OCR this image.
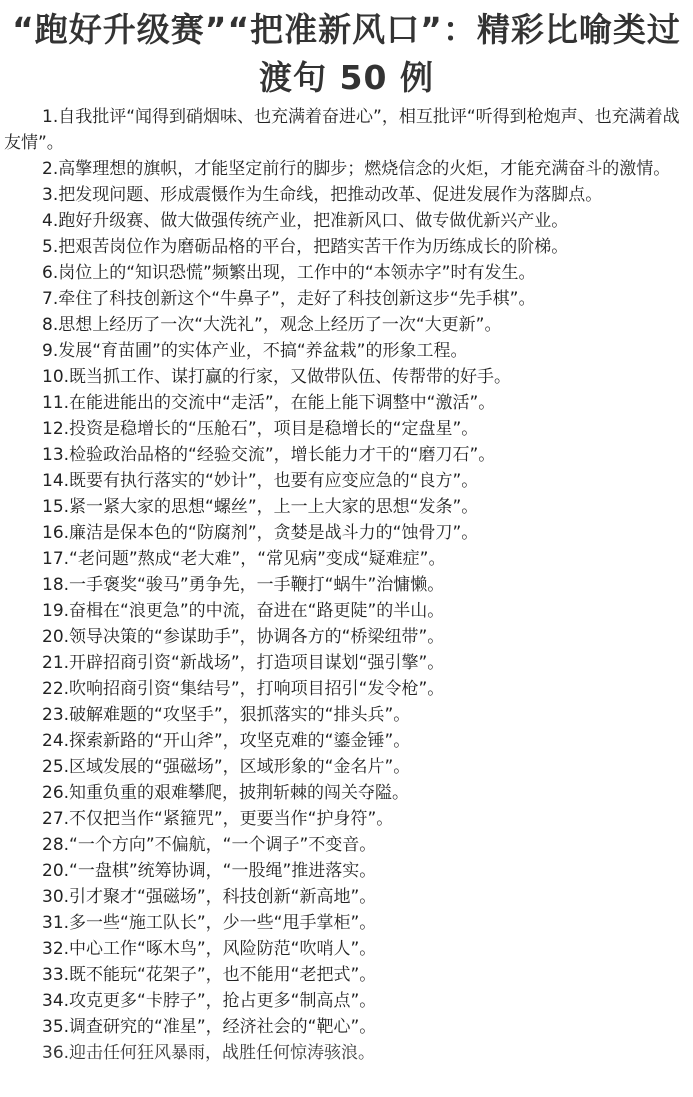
“跑好升级赛”“把准新风口”：精彩比喻类过渡句 50 例

1.自我批评“闻得到硝烟味、也充满着奋进心”，相互批评“听得到枪炮声、也充满着战友情”。

2.高擎理想的旗帜，才能坚定前行的脚步；燃烧信念的火炬，才能充满奋斗的激情。

3.把发现问题、形成震慑作为生命线，把推动改革、促进发展作为落脚点。

4.跑好升级赛、做大做强传统产业，把准新风口、做专做优新兴产业。

5.把艰苦岗位作为磨砺品格的平台，把踏实苦干作为历练成长的阶梯。

6.岗位上的“知识恐慌”频繁出现，工作中的“本领赤字”时有发生。

7.牵住了科技创新这个“牛鼻子”，走好了科技创新这步“先手棋”。

8.思想上经历了一次“大洗礼”，观念上经历了一次“大更新”。

9.发展“育苗圃”的实体产业，不搞“养盆栽”的形象工程。

10.既当抓工作、谋打赢的行家，又做带队伍、传帮带的好手。

11.在能进能出的交流中“走活”，在能上能下调整中“激活”。

12.投资是稳增长的“压舱石”，项目是稳增长的“定盘星”。

13.检验政治品格的“经验交流”，增长能力才干的“磨刀石”。

14.既要有执行落实的“妙计”，也要有应变应急的“良方”。

15.紧一紧大家的思想“螺丝”，上一上大家的思想“发条”。

16.廉洁是保本色的“防腐剂”，贪婪是战斗力的“蚀骨刀”。

17.“老问题”熬成“老大难”，“常见病”变成“疑难症”。

18.一手褒奖“骏马”勇争先，一手鞭打“蜗牛”治慵懒。

19.奋楫在“浪更急”的中流，奋进在“路更陡”的半山。

20.领导决策的“参谋助手”，协调各方的“桥梁纽带”。

21.开辟招商引资“新战场”，打造项目谋划“强引擎”。

22.吹响招商引资“集结号”，打响项目招引“发令枪”。

23.破解难题的“攻坚手”，狠抓落实的“排头兵”。

24.探索新路的“开山斧”，攻坚克难的“鎏金锤”。

25.区域发展的“强磁场”，区域形象的“金名片”。

26.知重负重的艰难攀爬，披荆斩棘的闯关夺隘。

27.不仅把当作“紧箍咒”，更要当作“护身符”。

28.“一个方向”不偏航，“一个调子”不变音。

20.“一盘棋”统筹协调，“一股绳”推进落实。

30.引才聚才“强磁场”，科技创新“新高地”。

31.多一些“施工队长”，少一些“甩手掌柜”。

32.中心工作“啄木鸟”，风险防范“吹哨人”。

33.既不能玩“花架子”，也不能用“老把式”。

34.攻克更多“卡脖子”，抢占更多“制高点”。

35.调查研究的“准星”，经济社会的“靶心”。

36.迎击任何狂风暴雨，战胜任何惊涛骇浪。
